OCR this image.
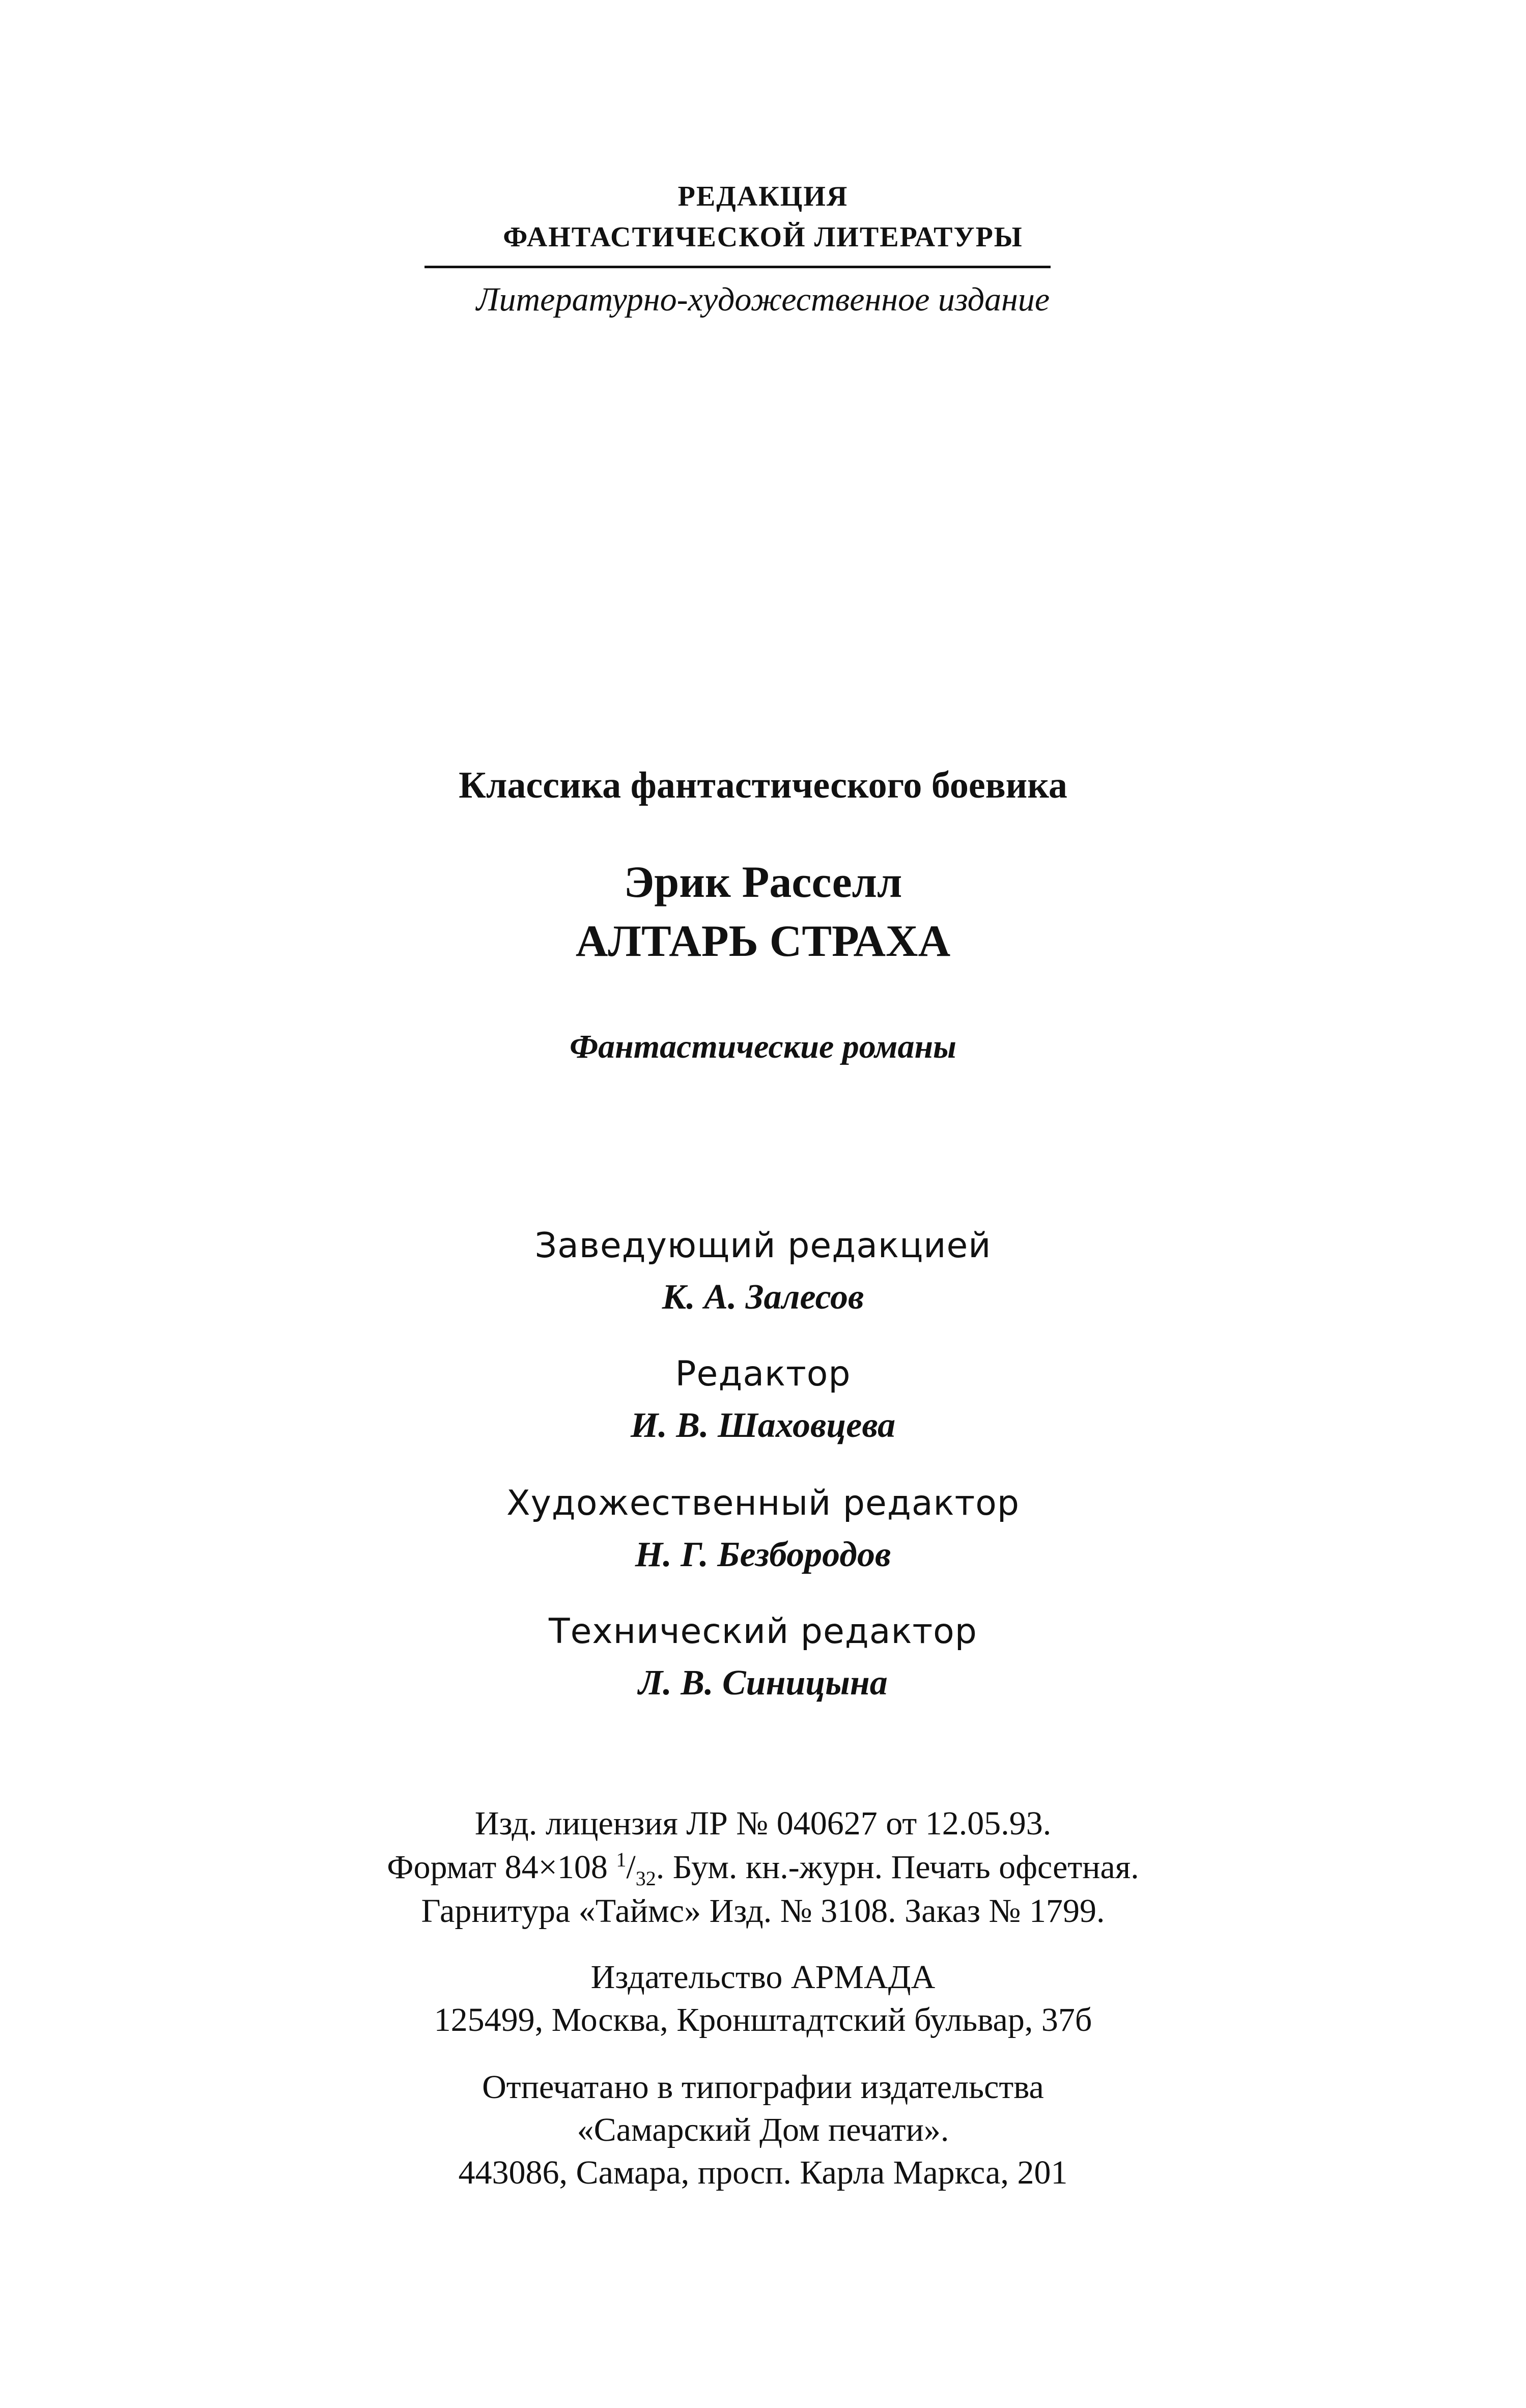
РЕДАКЦИЯ
ФАНТАСТИЧЕСКОЙ ЛИТЕРАТУРЫ
Литературно-художественное издание
Классика фантастического боевика
Эрик Расселл
АЛТАРЬ СТРАХА
Фантастические романы
Заведующий редакцией
К. А. Залесов
Редактор
И. В. Шаховцева
Художественный редактор
Н. Г. Безбородов
Технический редактор
Л. В. Синицына
Изд. лицензия ЛР № 040627 от 12.05.93.
Формат 84×108 $^1/_{32}$. Бум. кн.-журн. Печать офсетная.
Гарнитура «Таймс» Изд. № 3108. Заказ № 1799.
Издательство АРМАДА
125499, Москва, Кронштадтский бульвар, 37б
Отпечатано в типографии издательства
«Самарский Дом печати».
443086, Самара, просп. Карла Маркса, 201
